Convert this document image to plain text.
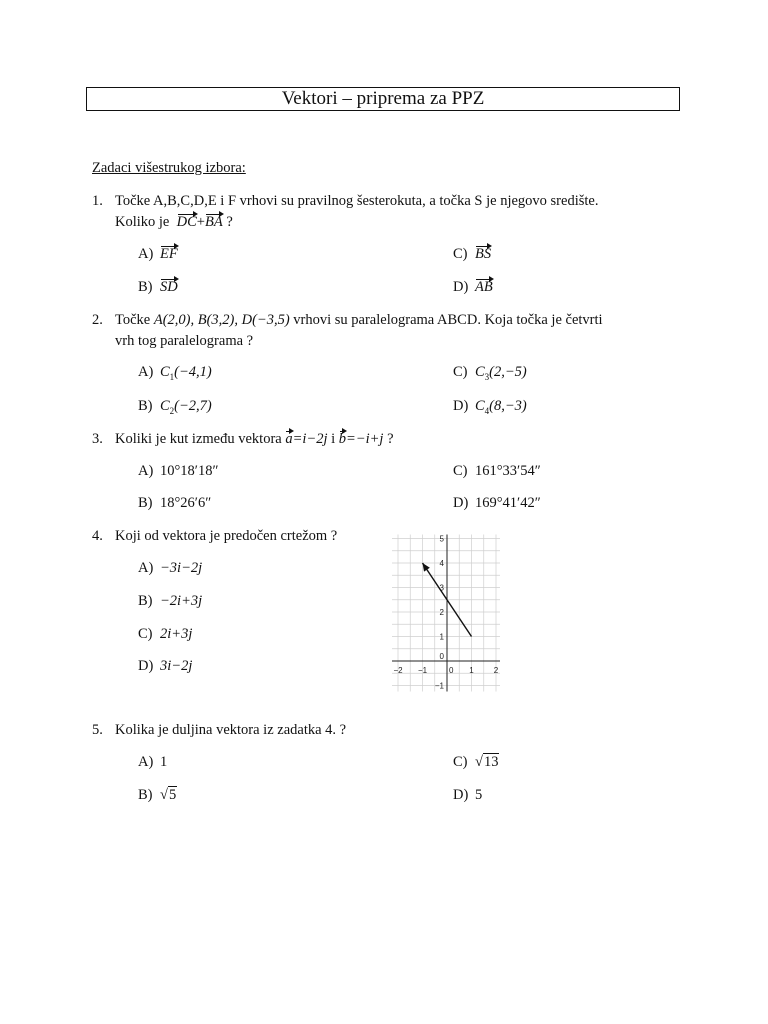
Vektori – priprema za PPZ
Zadaci višestrukog izbora:
1. Točke A,B,C,D,E i F vrhovi su pravilnog šesterokuta, a točka S je njegovo središte.
Koliko je DC+BA ?
A) EF	C) BS
B) SD	D) AB
2. Točke A(2,0), B(3,2), D(−3,5) vrhovi su paralelograma ABCD. Koja točka je četvrti
vrh tog paralelograma ?
A) $C_1(-4,1)$	C) $C_3(2,-5)$
B) $C_2(-2,7)$	D) $C_4(8,-3)$
3. Koliki je kut između vektora a=i−2j i b=−i+j ?
A) 10°18′18″	C) 161°33′54″
B) 18°26′6″	D) 169°41′42″
4. Koji od vektora je predočen crtežom ?
A) −3i−2j
B) −2i+3j
C) 2i+3j
D) 3i−2j	−2 −1	0 1	2
−1
0
1
2
3
4
5
5. Kolika je duljina vektora iz zadatka 4. ?
A) 1	C) √13
B) √5	D) 5
